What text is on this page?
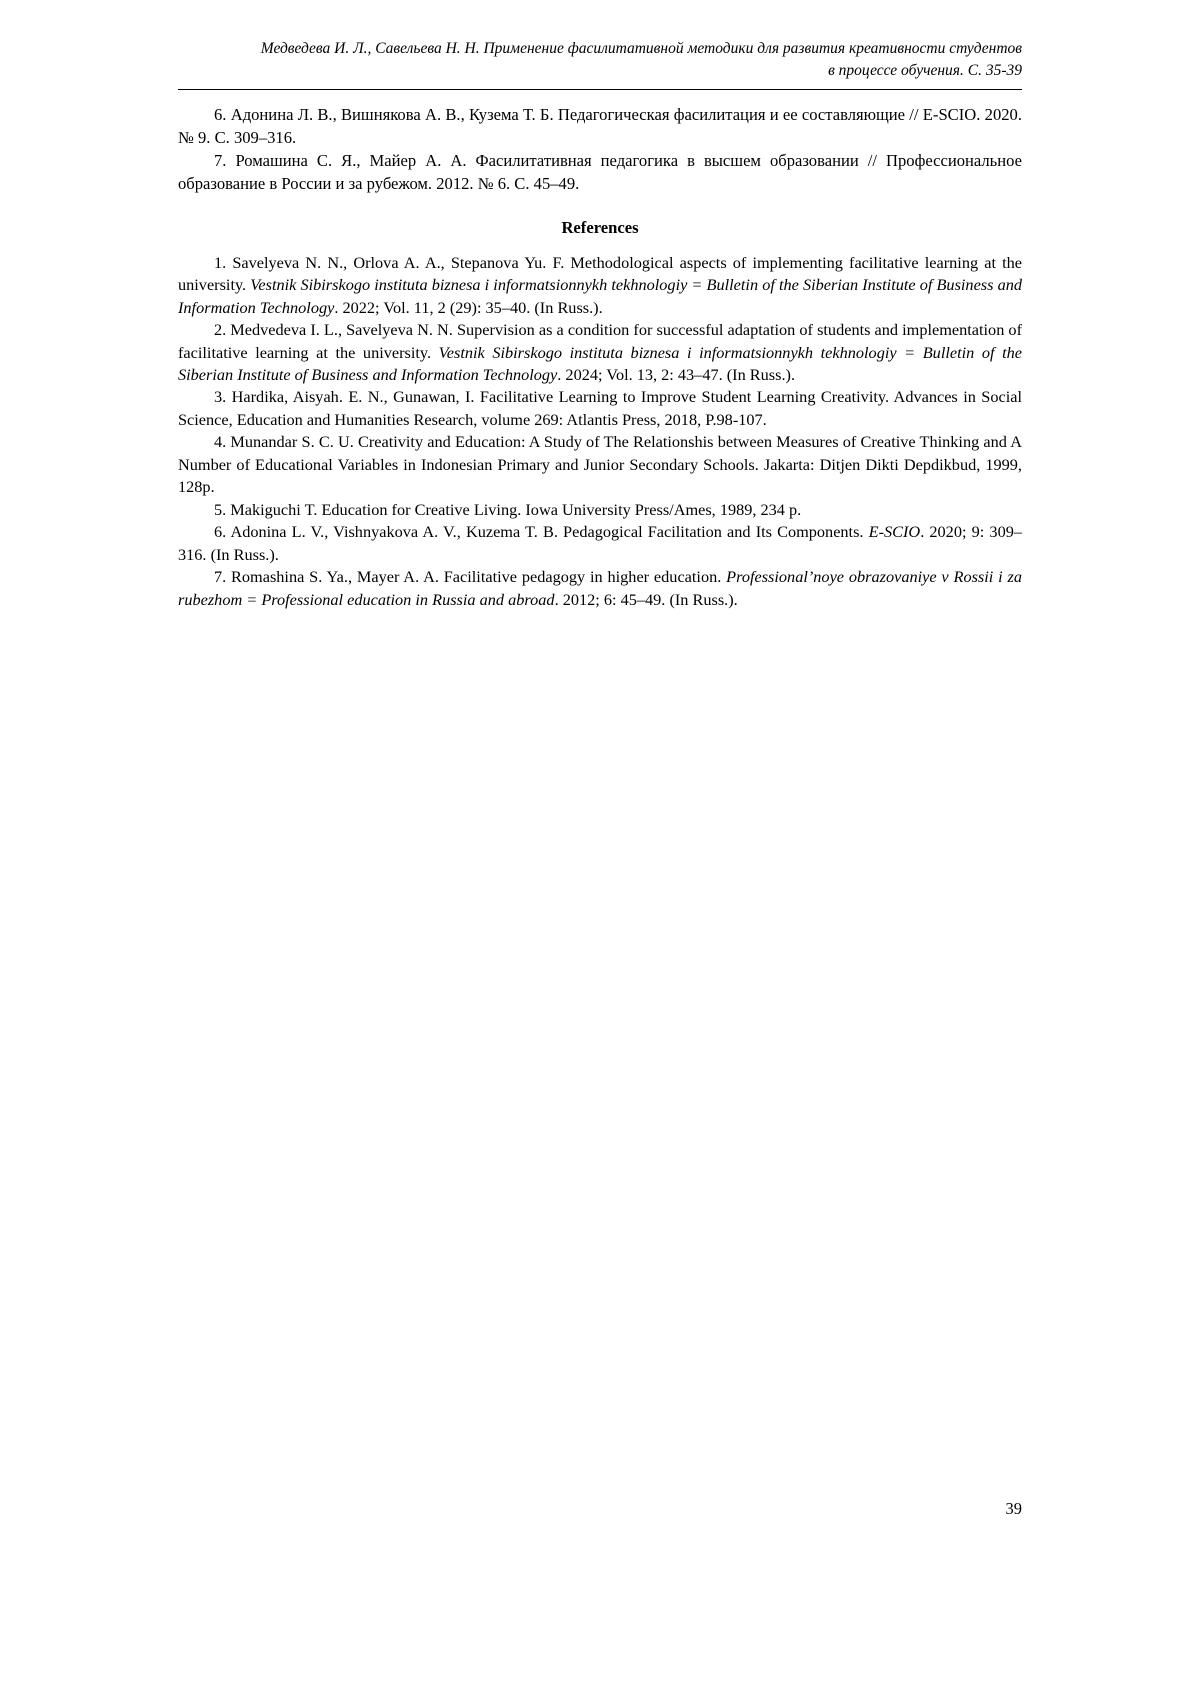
Медведева И. Л., Савельева Н. Н. Применение фасилитативной методики для развития креативности студентов
в процессе обучения. С. 35-39

6. Адонина Л. В., Вишнякова А. В., Кузема Т. Б. Педагогическая фасилитация и ее составляющие // E-SCIO. 2020. № 9. С. 309–316.

7. Ромашина С. Я., Майер А. А. Фасилитативная педагогика в высшем образовании // Профессиональное образование в России и за рубежом. 2012. № 6. С. 45–49.

References

1. Savelyeva N. N., Orlova A. A., Stepanova Yu. F. Methodological aspects of implementing facilitative learning at the university. Vestnik Sibirskogo instituta biznesa i informatsionnykh tekhnologiy = Bulletin of the Siberian Institute of Business and Information Technology. 2022; Vol. 11, 2 (29): 35–40. (In Russ.).

2. Medvedeva I. L., Savelyeva N. N. Supervision as a condition for successful adaptation of students and implementation of facilitative learning at the university. Vestnik Sibirskogo instituta biznesa i informatsionnykh tekhnologiy = Bulletin of the Siberian Institute of Business and Information Technology. 2024; Vol. 13, 2: 43–47. (In Russ.).

3. Hardika, Aisyah. E. N., Gunawan, I. Facilitative Learning to Improve Student Learning Creativity. Advances in Social Science, Education and Humanities Research, volume 269: Atlantis Press, 2018, P.98-107.

4. Munandar S. C. U. Creativity and Education: A Study of The Relationshis between Measures of Creative Thinking and A Number of Educational Variables in Indonesian Primary and Junior Secondary Schools. Jakarta: Ditjen Dikti Depdikbud, 1999, 128p.

5. Makiguchi T. Education for Creative Living. Iowa University Press/Ames, 1989, 234 p.

6. Adonina L. V., Vishnyakova A. V., Kuzema T. B. Pedagogical Facilitation and Its Components. E-SCIO. 2020; 9: 309–316. (In Russ.).

7. Romashina S. Ya., Mayer A. A. Facilitative pedagogy in higher education. Professional’noye obrazovaniye v Rossii i za rubezhom = Professional education in Russia and abroad. 2012; 6: 45–49. (In Russ.).

39
